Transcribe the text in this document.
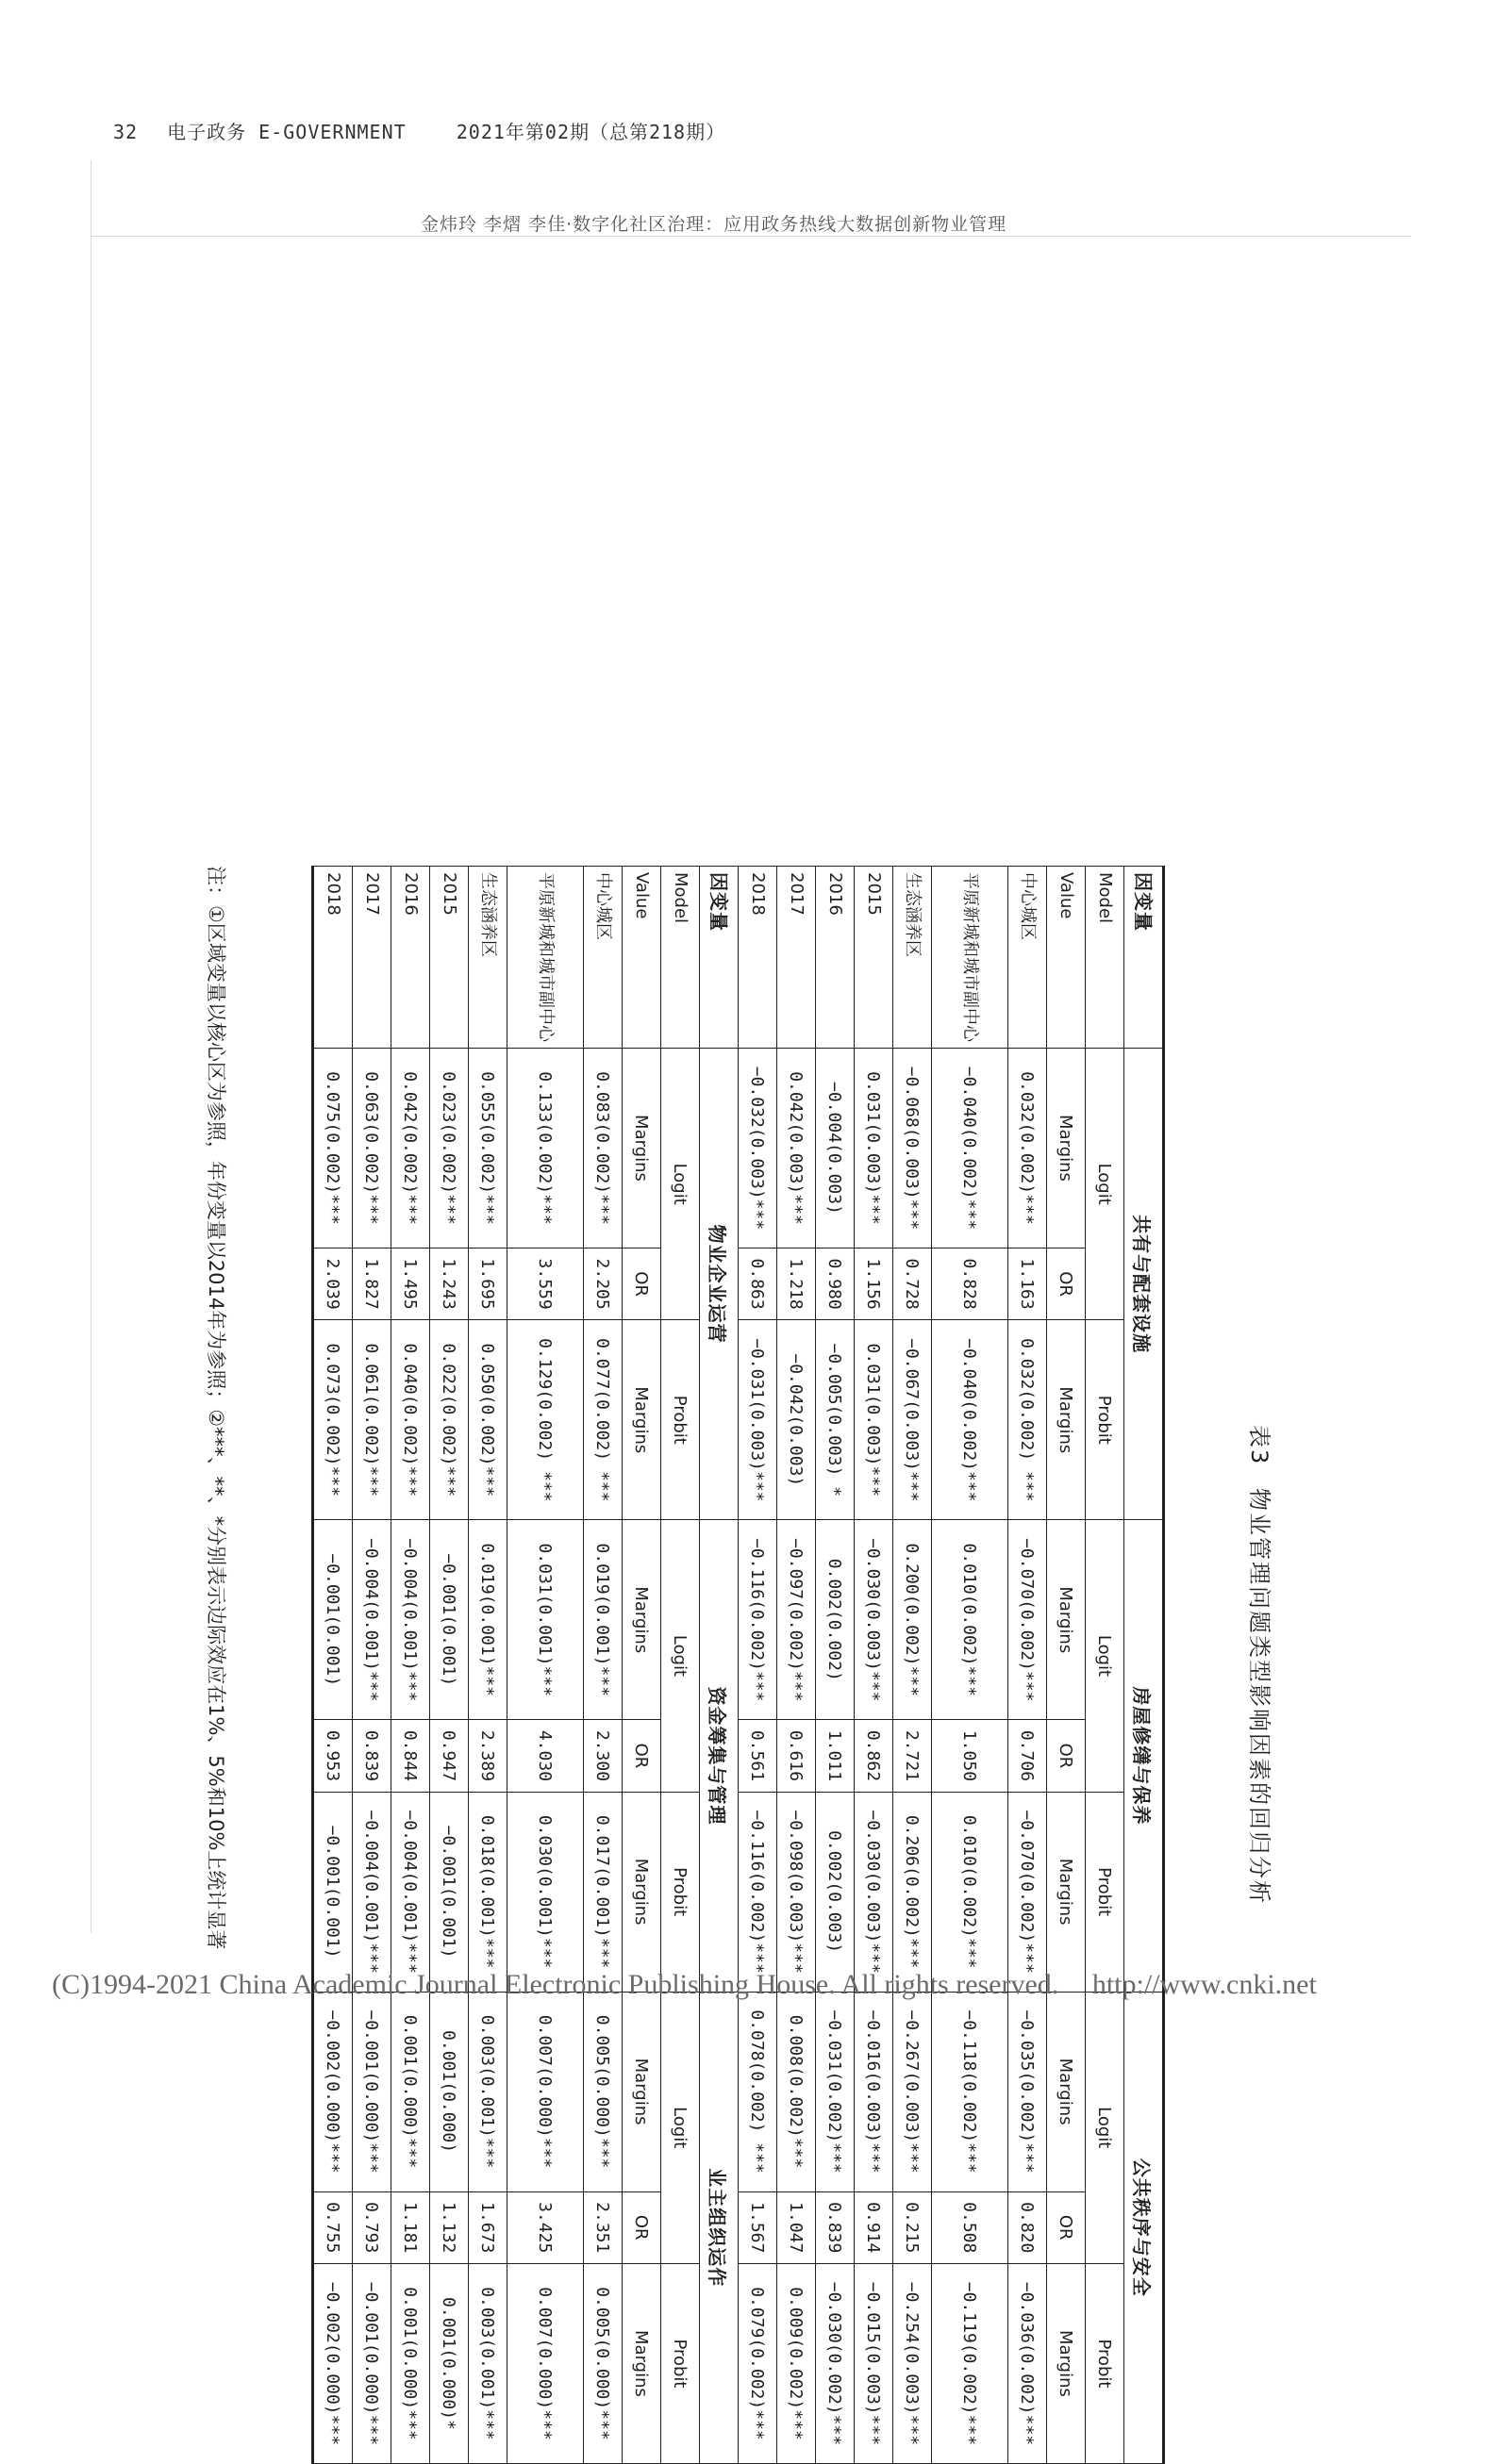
32 电子政务 E-GOVERNMENT	2021年第02期（总第218期）
金炜玲 李熠 李佳·数字化社区治理：应用政务热线大数据创新物业管理
表3 物业管理问题类型影响因素的回归分析
因变量	共有与配套设施			房屋修缮与保养			公共秩序与安全		
Model	Logit		Probit	Logit		Probit	Logit		Probit
Value	Margins	OR	Margins	Margins	OR	Margins	Margins	OR	Margins
中心城区	0.032(0.002)***	1.163	0.032(0.002) ***	−0.070(0.002)***	0.706	−0.070(0.002)***	−0.035(0.002)***	0.820	−0.036(0.002)***
平原新城和城市副中心	−0.040(0.002)***	0.828	−0.040(0.002)***	0.010(0.002)***	1.050	0.010(0.002)***	−0.118(0.002)***	0.508	−0.119(0.002)***
生态涵养区	−0.068(0.003)***	0.728	−0.067(0.003)***	0.200(0.002)***	2.721	0.206(0.002)***	−0.267(0.003)***	0.215	−0.254(0.003)***
2015	0.031(0.003)***	1.156	0.031(0.003)***	−0.030(0.003)***	0.862	−0.030(0.003)***	−0.016(0.003)***	0.914	−0.015(0.003)***
2016	−0.004(0.003)	0.980	−0.005(0.003) *	0.002(0.002)	1.011	0.002(0.003)	−0.031(0.002)***	0.839	−0.030(0.002)***
2017	0.042(0.003)***	1.218	−0.042(0.003)	−0.097(0.002)***	0.616	−0.098(0.003)***	0.008(0.002)***	1.047	0.009(0.002)***
2018	−0.032(0.003)***	0.863	−0.031(0.003)***	−0.116(0.002)***	0.561	−0.116(0.002)***	0.078(0.002) ***	1.567	0.079(0.002)***
因变量	物业企业运营			资金筹集与管理			业主组织运作		
Model	Logit		Probit	Logit		Probit	Logit		Probit
Value	Margins	OR	Margins	Margins	OR	Margins	Margins	OR	Margins
中心城区	0.083(0.002)***	2.205	0.077(0.002) ***	0.019(0.001)***	2.300	0.017(0.001)***	0.005(0.000)***	2.351	0.005(0.000)***
平原新城和城市副中心	0.133(0.002)***	3.559	0.129(0.002) ***	0.031(0.001)***	4.030	0.030(0.001)***	0.007(0.000)***	3.425	0.007(0.000)***
生态涵养区	0.055(0.002)***	1.695	0.050(0.002)***	0.019(0.001)***	2.389	0.018(0.001)***	0.003(0.001)***	1.673	0.003(0.001)***
2015	0.023(0.002)***	1.243	0.022(0.002)***	−0.001(0.001)	0.947	−0.001(0.001)	0.001(0.000)	1.132	0.001(0.000)*
2016	0.042(0.002)***	1.495	0.040(0.002)***	−0.004(0.001)***	0.844	−0.004(0.001)***	0.001(0.000)***	1.181	0.001(0.000)***
2017	0.063(0.002)***	1.827	0.061(0.002)***	−0.004(0.001)***	0.839	−0.004(0.001)***	−0.001(0.000)***	0.793	−0.001(0.000)***
2018	0.075(0.002)***	2.039	0.073(0.002)***	−0.001(0.001)	0.953	−0.001(0.001)	−0.002(0.000)***	0.755	−0.002(0.000)***
注：①区域变量以核心区为参照，年份变量以2014年为参照；②***、**、*分别表示边际效应在1%、5%和10%上统计显著
(C)1994-2021 China Academic Journal Electronic Publishing House. All rights reserved. http://www.cnki.net
